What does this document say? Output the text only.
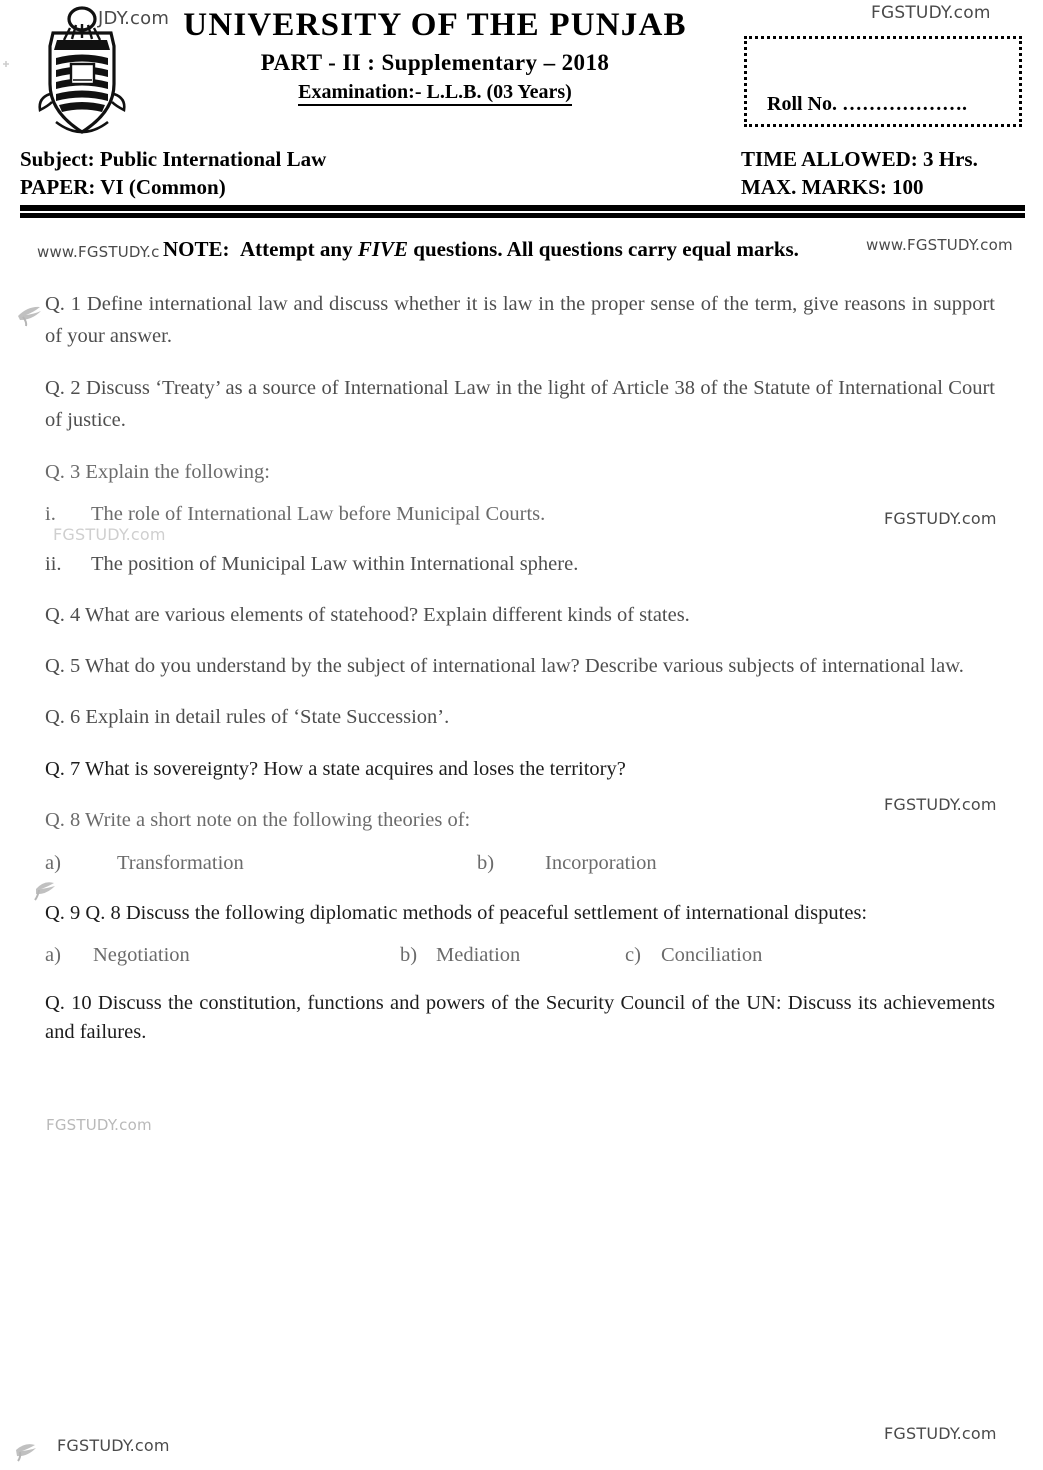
UNIVERSITY OF THE PUNJAB
PART - II : Supplementary – 2018
Examination:- L.L.B. (03 Years)
Roll No. ……………….
Subject: Public International Law
PAPER: VI (Common)
TIME ALLOWED: 3 Hrs.
MAX. MARKS: 100
NOTE: Attempt any FIVE questions. All questions carry equal marks.
Q. 1 Define international law and discuss whether it is law in the proper sense of the term, give reasons in support of your answer.
Q. 2 Discuss ‘Treaty’ as a source of International Law in the light of Article 38 of the Statute of International Court of justice.
Q. 3 Explain the following:
i.	The role of International Law before Municipal Courts.
ii.	The position of Municipal Law within International sphere.
Q. 4 What are various elements of statehood? Explain different kinds of states.
Q. 5 What do you understand by the subject of international law? Describe various subjects of international law.
Q. 6 Explain in detail rules of ‘State Succession’.
Q. 7 What is sovereignty? How a state acquires and loses the territory?
Q. 8 Write a short note on the following theories of:
a)	Transformation	b) Incorporation
Q. 9 Q. 8 Discuss the following diplomatic methods of peaceful settlement of international disputes:
a) Negotiation	b) Mediation	c) Conciliation
Q. 10 Discuss the constitution, functions and powers of the Security Council of the UN: Discuss its achievements and failures.
JDY.com	FGSTUDY.com
www.FGSTUDY.c	www.FGSTUDY.com
FGSTUDY.com
FGSTUDY.com
FGSTUDY.com
FGSTUDY.com
FGSTUDY.com
FGSTUDY.com
